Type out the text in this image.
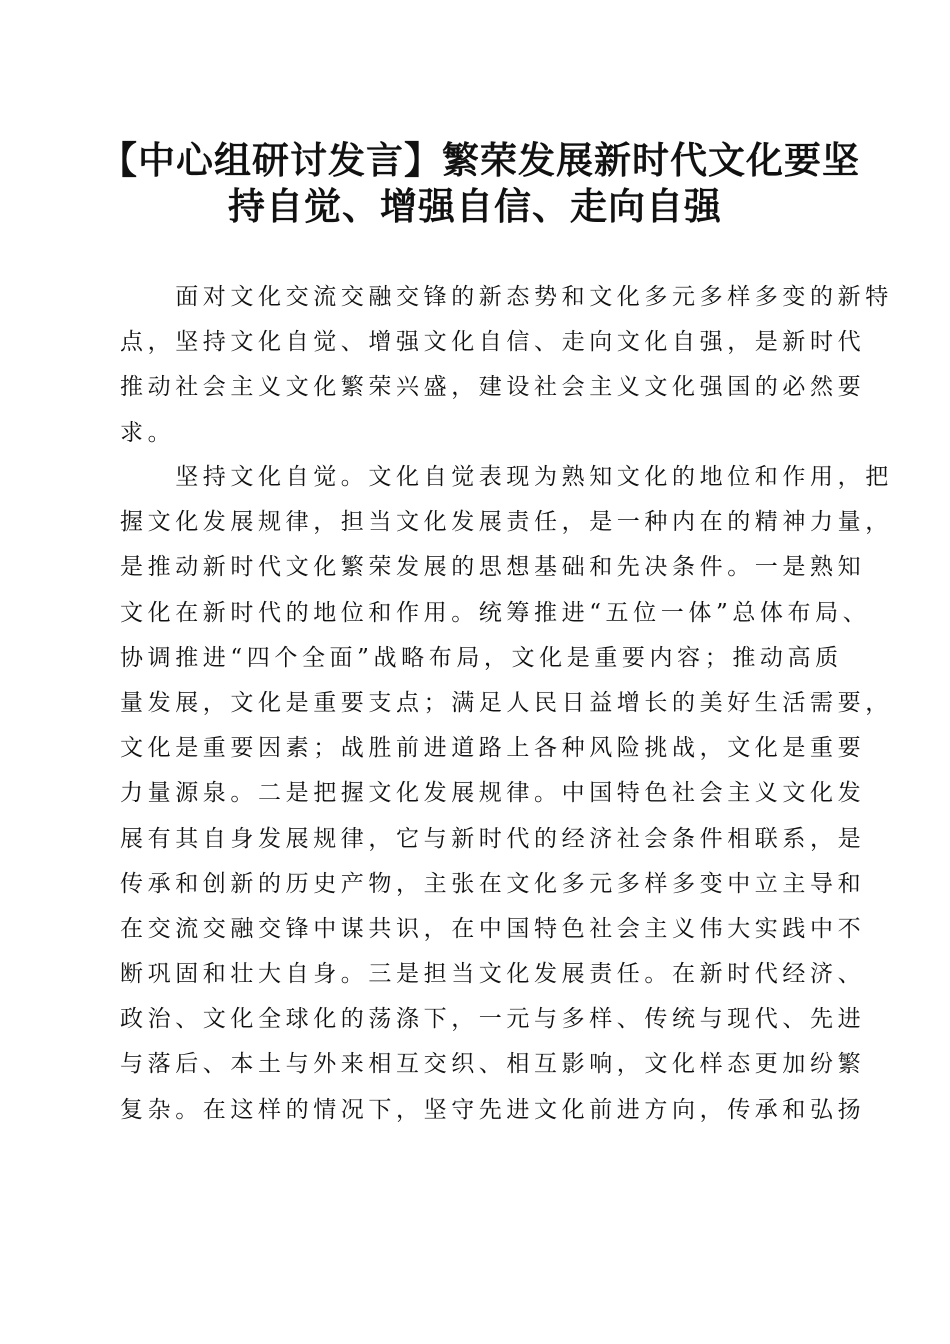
【中心组研讨发言】繁荣发展新时代文化要坚
持自觉、增强自信、走向自强
　　面对文化交流交融交锋的新态势和文化多元多样多变的新特
点，坚持文化自觉、增强文化自信、走向文化自强，是新时代
推动社会主义文化繁荣兴盛，建设社会主义文化强国的必然要
求。
　　坚持文化自觉。文化自觉表现为熟知文化的地位和作用，把
握文化发展规律，担当文化发展责任，是一种内在的精神力量，
是推动新时代文化繁荣发展的思想基础和先决条件。一是熟知
文化在新时代的地位和作用。统筹推进“五位一体”总体布局、
协调推进“四个全面”战略布局，文化是重要内容；推动高质
量发展，文化是重要支点；满足人民日益增长的美好生活需要，
文化是重要因素；战胜前进道路上各种风险挑战，文化是重要
力量源泉。二是把握文化发展规律。中国特色社会主义文化发
展有其自身发展规律，它与新时代的经济社会条件相联系，是
传承和创新的历史产物，主张在文化多元多样多变中立主导和
在交流交融交锋中谋共识，在中国特色社会主义伟大实践中不
断巩固和壮大自身。三是担当文化发展责任。在新时代经济、
政治、文化全球化的荡涤下，一元与多样、传统与现代、先进
与落后、本土与外来相互交织、相互影响，文化样态更加纷繁
复杂。在这样的情况下，坚守先进文化前进方向，传承和弘扬
